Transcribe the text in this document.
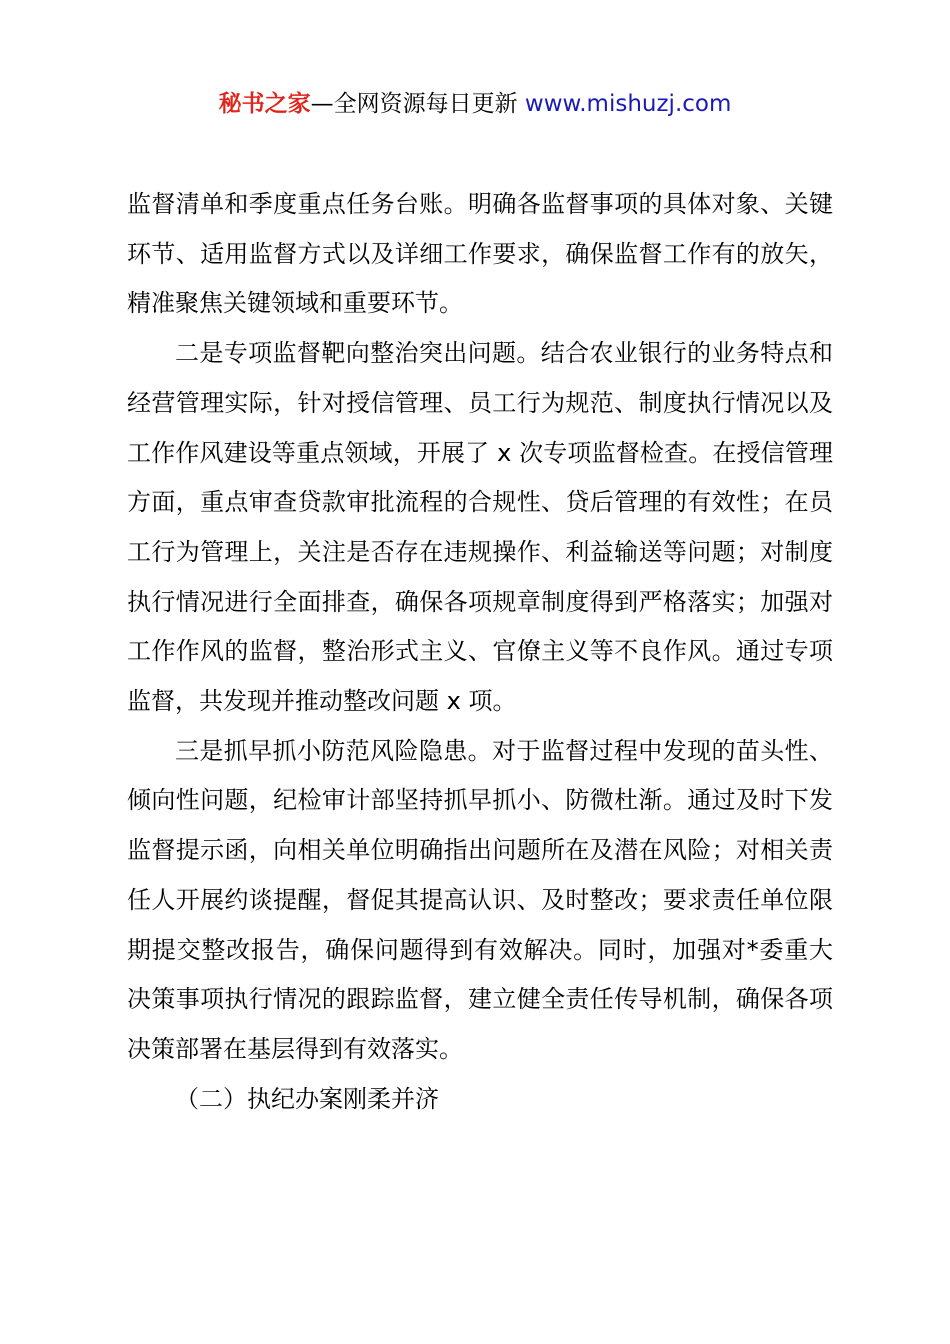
秘书之家—全网资源每日更新 www.mishuzj.com

监督清单和季度重点任务台账。明确各监督事项的具体对象、关键环节、适用监督方式以及详细工作要求，确保监督工作有的放矢，精准聚焦关键领域和重要环节。

二是专项监督靶向整治突出问题。结合农业银行的业务特点和经营管理实际，针对授信管理、员工行为规范、制度执行情况以及工作作风建设等重点领域，开展了 x 次专项监督检查。在授信管理方面，重点审查贷款审批流程的合规性、贷后管理的有效性；在员工行为管理上，关注是否存在违规操作、利益输送等问题；对制度执行情况进行全面排查，确保各项规章制度得到严格落实；加强对工作作风的监督，整治形式主义、官僚主义等不良作风。通过专项监督，共发现并推动整改问题 x 项。

三是抓早抓小防范风险隐患。对于监督过程中发现的苗头性、倾向性问题，纪检审计部坚持抓早抓小、防微杜渐。通过及时下发监督提示函，向相关单位明确指出问题所在及潜在风险；对相关责任人开展约谈提醒，督促其提高认识、及时整改；要求责任单位限期提交整改报告，确保问题得到有效解决。同时，加强对*委重大决策事项执行情况的跟踪监督，建立健全责任传导机制，确保各项决策部署在基层得到有效落实。

（二）执纪办案刚柔并济
